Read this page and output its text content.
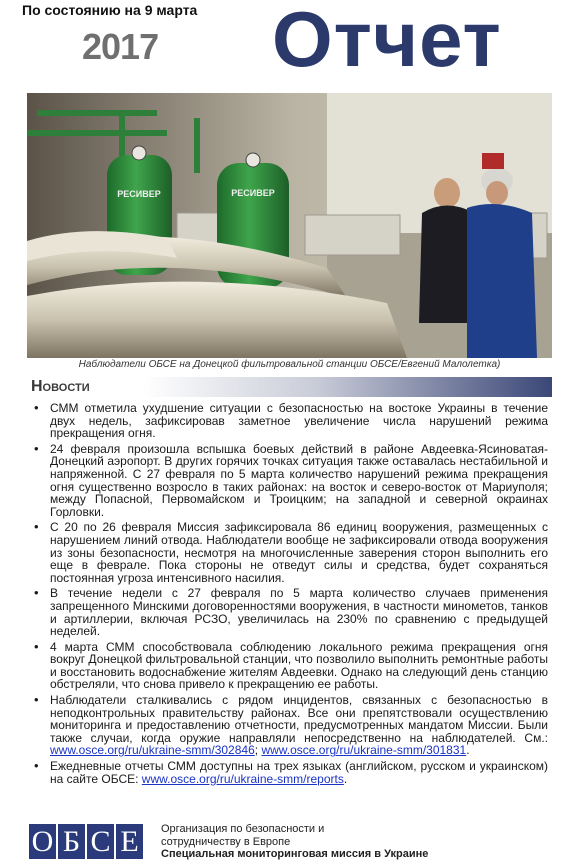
По состоянию на 9 марта
2017 Отчет
РЕСИВЕР	РЕСИВЕР
Наблюдатели ОБСЕ на Донецкой фильтровальной станции ОБСЕ/Евгений Малолетка)
Новости
• СММ отметила ухудшение ситуации с безопасностью на востоке Украины в течение двух недель, зафиксировав заметное увеличение числа нарушений режима прекращения огня.
• 24 февраля произошла вспышка боевых действий в районе Авдеевка-Ясиноватая-Донецкий аэропорт. В других горячих точках ситуация также оставалась нестабильной и напряженной. С 27 февраля по 5 марта количество нарушений режима прекращения огня существенно возросло в таких районах: на восток и северо-восток от Мариуполя; между Попасной, Первомайском и Троицким; на западной и северной окраинах Горловки.
• С 20 по 26 февраля Миссия зафиксировала 86 единиц вооружения, размещенных с нарушением линий отвода. Наблюдатели вообще не зафиксировали отвода вооружения из зоны безопасности, несмотря на многочисленные заверения сторон выполнить его еще в феврале. Пока стороны не отведут силы и средства, будет сохраняться постоянная угроза интенсивного насилия.
• В течение недели с 27 февраля по 5 марта количество случаев применения запрещенного Минскими договоренностями вооружения, в частности минометов, танков и артиллерии, включая РСЗО, увеличилась на 230% по сравнению с предыдущей неделей.
• 4 марта СММ способствовала соблюдению локального режима прекращения огня вокруг Донецкой фильтровальной станции, что позволило выполнить ремонтные работы и восстановить водоснабжение жителям Авдеевки. Однако на следующий день станцию обстреляли, что снова привело к прекращению ее работы.
• Наблюдатели сталкивались с рядом инцидентов, связанных с безопасностью в неподконтрольных правительству районах. Все они препятствовали осуществлению мониторинга и предоставлению отчетности, предусмотренных мандатом Миссии. Были также случаи, когда оружие направляли непосредственно на наблюдателей. См.: www.osce.org/ru/ukraine-smm/302846; www.osce.org/ru/ukraine-smm/301831.
• Ежедневные отчеты СММ доступны на трех языках (английском, русском и украинском) на сайте ОБСЕ: www.osce.org/ru/ukraine-smm/reports.
О Б С Е	Организация по безопасности и
сотрудничеству в Европе
Специальная мониторинговая миссия в Украине
